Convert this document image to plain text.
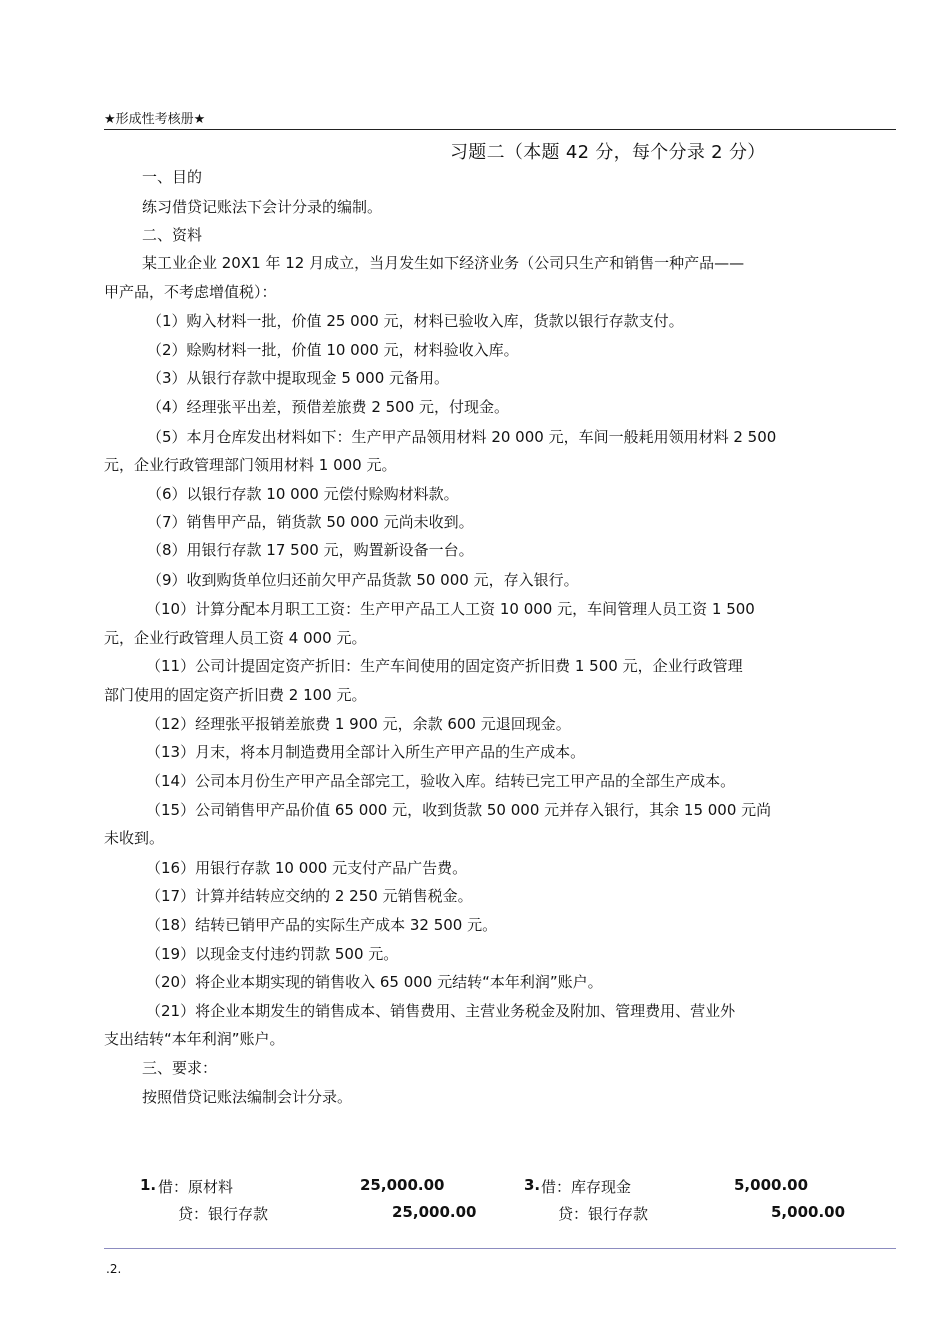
★形成性考核册★
习题二（本题 42 分，每个分录 2 分）
一、目的
练习借贷记账法下会计分录的编制。
二、资料
某工业企业 20X1 年 12 月成立，当月发生如下经济业务（公司只生产和销售一种产品——
甲产品，不考虑增值税）：
（1）购入材料一批，价值 25 000 元，材料已验收入库，货款以银行存款支付。
（2）赊购材料一批，价值 10 000 元，材料验收入库。
（3）从银行存款中提取现金 5 000 元备用。
（4）经理张平出差，预借差旅费 2 500 元，付现金。
（5）本月仓库发出材料如下：生产甲产品领用材料 20 000 元，车间一般耗用领用材料 2 500
元，企业行政管理部门领用材料 1 000 元。
（6）以银行存款 10 000 元偿付赊购材料款。
（7）销售甲产品，销货款 50 000 元尚未收到。
（8）用银行存款 17 500 元，购置新设备一台。
（9）收到购货单位归还前欠甲产品货款 50 000 元，存入银行。
（10）计算分配本月职工工资：生产甲产品工人工资 10 000 元，车间管理人员工资 1 500
元，企业行政管理人员工资 4 000 元。
（11）公司计提固定资产折旧：生产车间使用的固定资产折旧费 1 500 元，企业行政管理
部门使用的固定资产折旧费 2 100 元。
（12）经理张平报销差旅费 1 900 元，余款 600 元退回现金。
（13）月末，将本月制造费用全部计入所生产甲产品的生产成本。
（14）公司本月份生产甲产品全部完工，验收入库。结转已完工甲产品的全部生产成本。
（15）公司销售甲产品价值 65 000 元，收到货款 50 000 元并存入银行，其余 15 000 元尚
未收到。
（16）用银行存款 10 000 元支付产品广告费。
（17）计算并结转应交纳的 2 250 元销售税金。
（18）结转已销甲产品的实际生产成本 32 500 元。
（19）以现金支付违约罚款 500 元。
（20）将企业本期实现的销售收入 65 000 元结转“本年利润”账户。
（21）将企业本期发生的销售成本、销售费用、主营业务税金及附加、管理费用、营业外
支出结转“本年利润”账户。
三、要求：
按照借贷记账法编制会计分录。
1. 借：原材料	25,000.00
贷：银行存款	25,000.00
3. 借：库存现金	5,000.00
贷：银行存款	5,000.00
.2.
